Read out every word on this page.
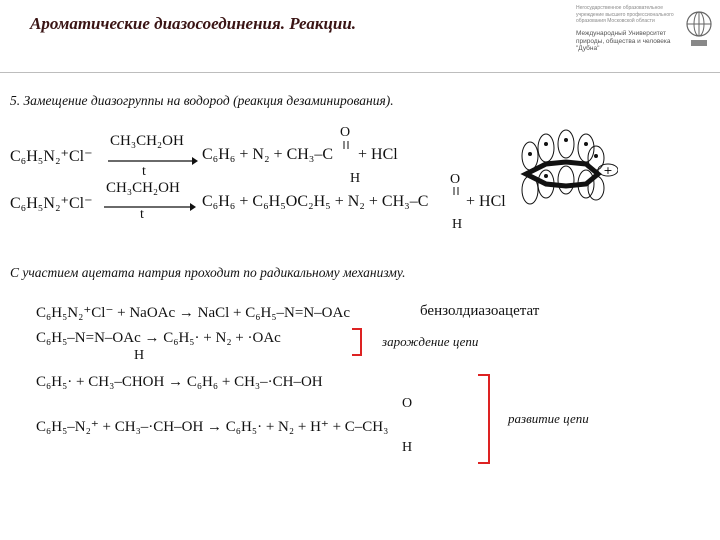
Ароматические диазосоединения. Реакции.
Негосударственное образовательное учреждение высшего профессионального образования Московской области
Международный Университет природы, общества и человека "Дубна"
5. Замещение диазогруппы на водород (реакция дезаминирования).
C₆H₅N₂⁺Cl⁻
CH₃CH₂OH
t
C₆H₆ + N₂ + CH₃–C
O
H
+ HCl
C₆H₅N₂⁺Cl⁻
CH₃CH₂OH
t
C₆H₆ + C₆H₅OC₂H₅ + N₂ + CH₃–C
O
H
+ HCl
+
С участием ацетата натрия проходит по радикальному механизму.
C₆H₅N₂⁺Cl⁻ + NaOAc → NaCl + C₆H₅–N=N–OAc	бензолдиазоацетат
C₆H₅–N=N–OAc → C₆H₅· + N₂ + ·OAc	зарождение цепи
H
C₆H₅· + CH₃–CHOH → C₆H₆ + CH₃–·CH–OH
C₆H₅–N₂⁺ + CH₃–·CH–OH → C₆H₅· + N₂ + H⁺ + C–CH₃
O
H
развитие цепи
